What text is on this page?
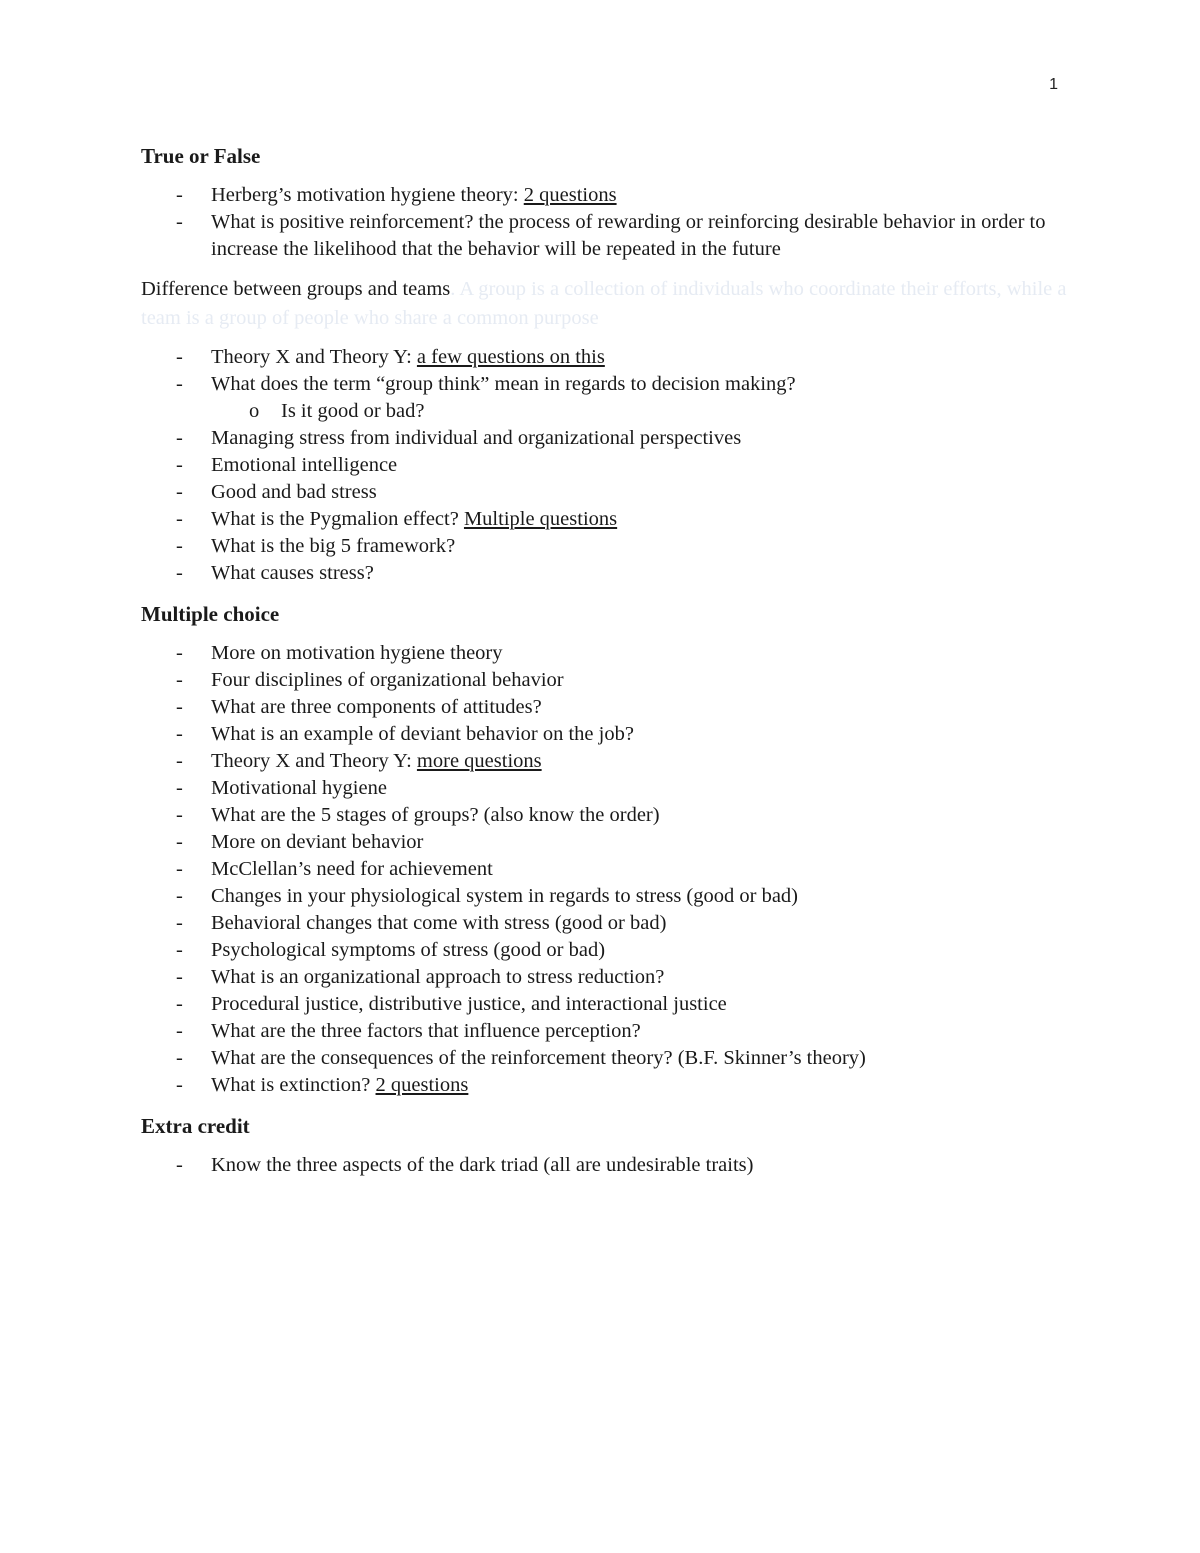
1
True or False
- Herberg’s motivation hygiene theory: 2 questions
- What is positive reinforcement? the process of rewarding or reinforcing desirable behavior in order to increase the likelihood that the behavior will be repeated in the future

Difference between groups and teams. A group is a collection of individuals who coordinate their efforts, while a team is a group of people who share a common purpose

- Theory X and Theory Y: a few questions on this
- What does the term “group think” mean in regards to decision making?
o Is it good or bad?
- Managing stress from individual and organizational perspectives
- Emotional intelligence
- Good and bad stress
- What is the Pygmalion effect? Multiple questions
- What is the big 5 framework?
- What causes stress?
Multiple choice
- More on motivation hygiene theory
- Four disciplines of organizational behavior
- What are three components of attitudes?
- What is an example of deviant behavior on the job?
- Theory X and Theory Y: more questions
- Motivational hygiene
- What are the 5 stages of groups? (also know the order)
- More on deviant behavior
- McClellan’s need for achievement
- Changes in your physiological system in regards to stress (good or bad)
- Behavioral changes that come with stress (good or bad)
- Psychological symptoms of stress (good or bad)
- What is an organizational approach to stress reduction?
- Procedural justice, distributive justice, and interactional justice
- What are the three factors that influence perception?
- What are the consequences of the reinforcement theory? (B.F. Skinner’s theory)
- What is extinction? 2 questions
Extra credit
- Know the three aspects of the dark triad (all are undesirable traits)
